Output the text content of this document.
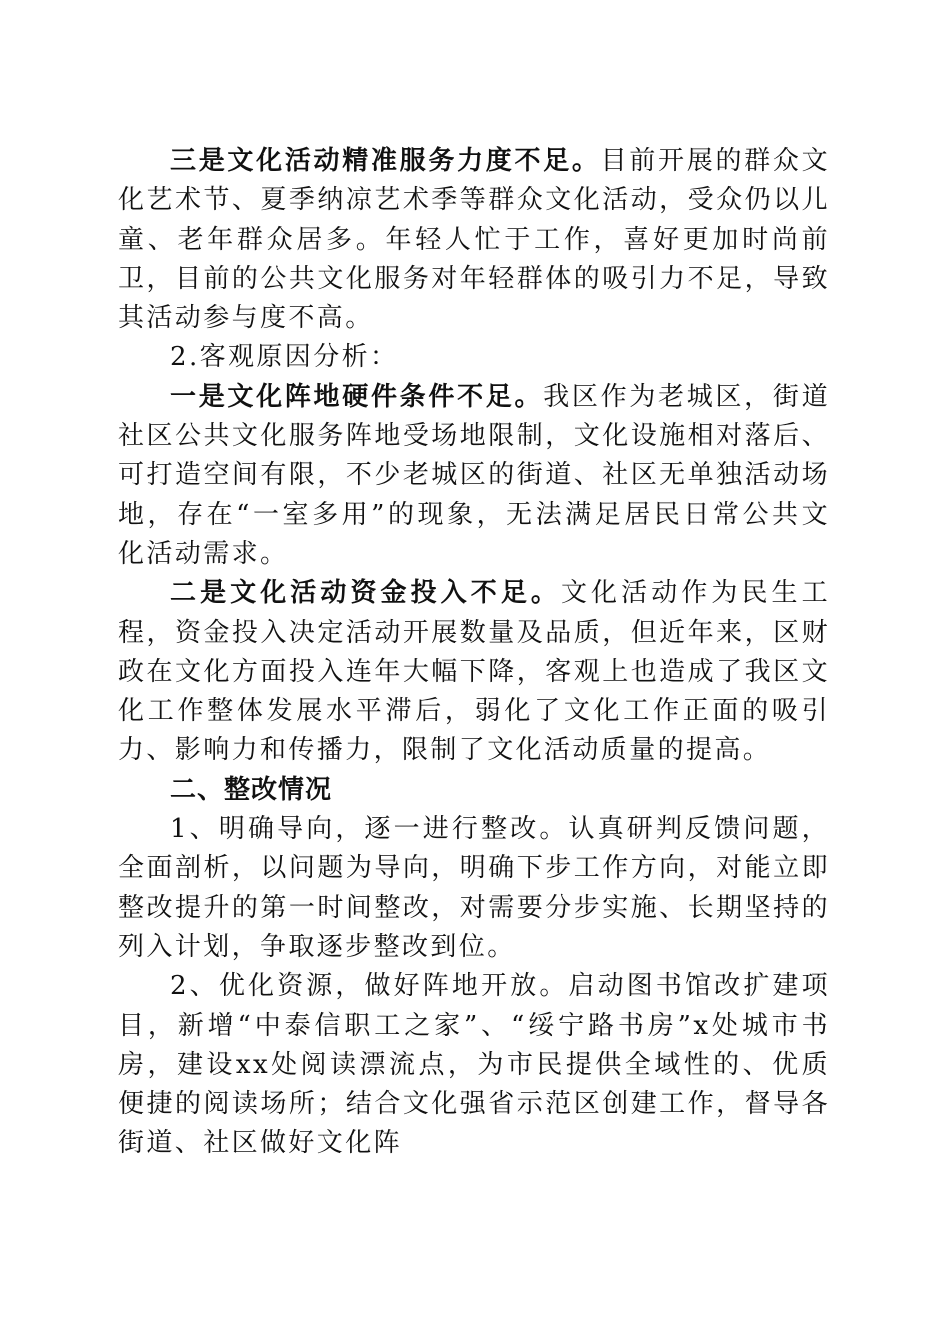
三是文化活动精准服务力度不足。目前开展的群众文化艺术节、夏季纳凉艺术季等群众文化活动，受众仍以儿童、老年群众居多。年轻人忙于工作，喜好更加时尚前卫，目前的公共文化服务对年轻群体的吸引力不足，导致其活动参与度不高。

2.客观原因分析：

一是文化阵地硬件条件不足。我区作为老城区，街道社区公共文化服务阵地受场地限制，文化设施相对落后、可打造空间有限，不少老城区的街道、社区无单独活动场地，存在“一室多用”的现象，无法满足居民日常公共文化活动需求。

二是文化活动资金投入不足。文化活动作为民生工程，资金投入决定活动开展数量及品质，但近年来，区财政在文化方面投入连年大幅下降，客观上也造成了我区文化工作整体发展水平滞后，弱化了文化工作正面的吸引力、影响力和传播力，限制了文化活动质量的提高。

二、整改情况

1、明确导向，逐一进行整改。认真研判反馈问题，全面剖析，以问题为导向，明确下步工作方向，对能立即整改提升的第一时间整改，对需要分步实施、长期坚持的列入计划，争取逐步整改到位。

2、优化资源，做好阵地开放。启动图书馆改扩建项目，新增“中泰信职工之家”、“绥宁路书房”x处城市书房，建设xx处阅读漂流点，为市民提供全域性的、优质便捷的阅读场所；结合文化强省示范区创建工作，督导各街道、社区做好文化阵
